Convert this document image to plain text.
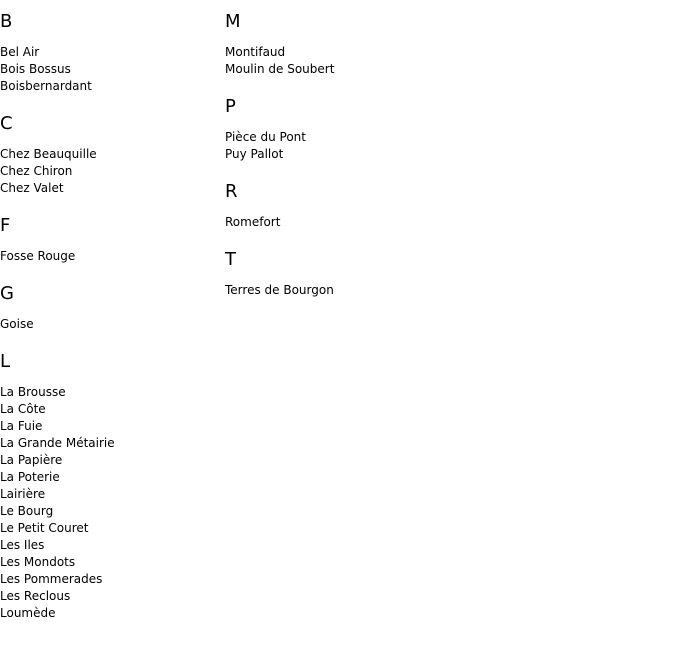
B
Bel Air
Bois Bossus
Boisbernardant
C
Chez Beauquille
Chez Chiron
Chez Valet
F
Fosse Rouge
G
Goise
L
La Brousse
La Côte
La Fuie
La Grande Métairie
La Papière
La Poterie
Lairière
Le Bourg
Le Petit Couret
Les Iles
Les Mondots
Les Pommerades
Les Reclous
Loumède
M
Montifaud
Moulin de Soubert
P
Pièce du Pont
Puy Pallot
R
Romefort
T
Terres de Bourgon
